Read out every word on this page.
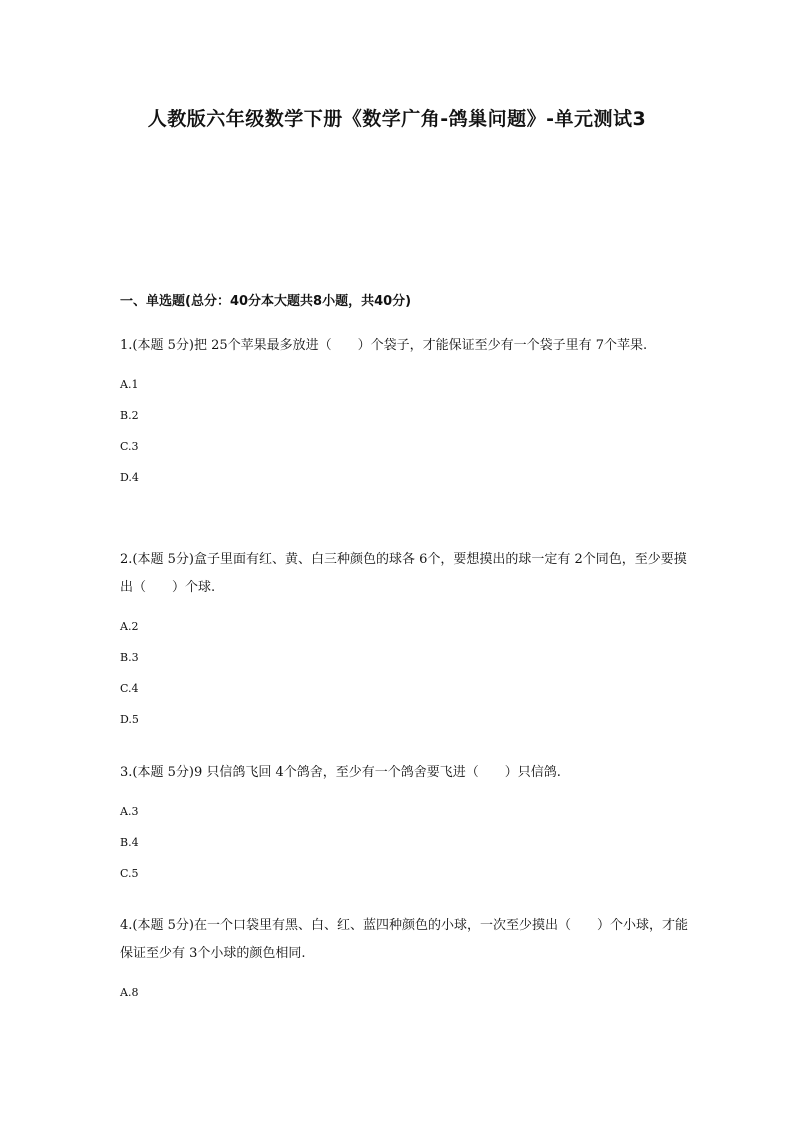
人教版六年级数学下册《数学广角-鸽巢问题》-单元测试3
一、单选题(总分：40分本大题共8小题，共40分)

1.(本题 5分)把 25个苹果最多放进（　　）个袋子，才能保证至少有一个袋子里有 7个苹果.

A.1
B.2
C.3
D.4

2.(本题 5分)盒子里面有红、黄、白三种颜色的球各 6个，要想摸出的球一定有 2个同色，至少要摸出（　　）个球.

A.2
B.3
C.4
D.5

3.(本题 5分)9 只信鸽飞回 4个鸽舍，至少有一个鸽舍要飞进（　　）只信鸽.

A.3
B.4
C.5

4.(本题 5分)在一个口袋里有黑、白、红、蓝四种颜色的小球，一次至少摸出（　　）个小球，才能保证至少有 3个小球的颜色相同.

A.8
